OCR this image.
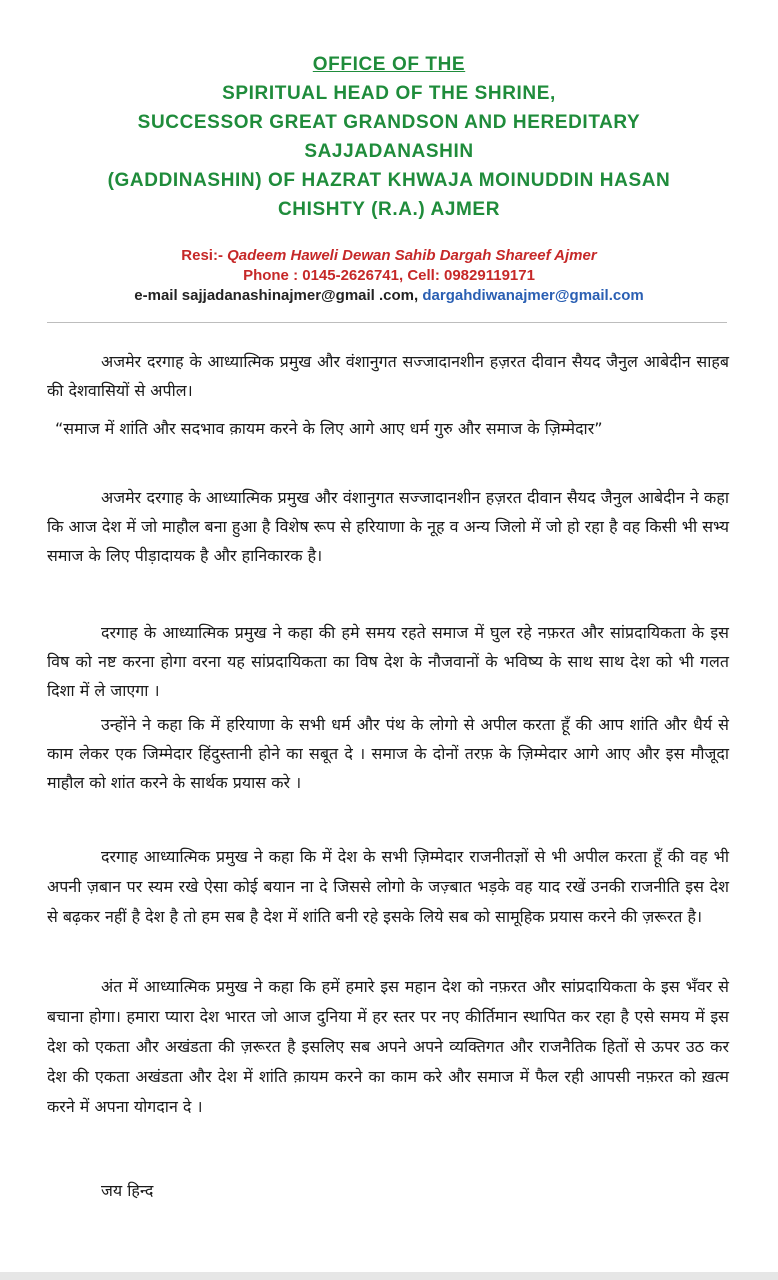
OFFICE OF THE

SPIRITUAL HEAD OF THE SHRINE,

SUCCESSOR GREAT GRANDSON AND HEREDITARY

SAJJADANASHIN

(GADDINASHIN) OF HAZRAT KHWAJA MOINUDDIN HASAN

CHISHTY (R.A.) AJMER

Resi:- Qadeem Haweli Dewan Sahib Dargah Shareef Ajmer
Phone : 0145-2626741, Cell: 09829119171
e-mail sajjadanashinajmer@gmail .com, dargahdiwanajmer@gmail.com

अजमेर दरगाह के आध्यात्मिक प्रमुख और वंशानुगत सज्जादानशीन हज़रत दीवान सैयद जैनुल आबेदीन साहब की देशवासियों से अपील।

“समाज में शांति और सदभाव क़ायम करने के लिए आगे आए धर्म गुरु और समाज के ज़िम्मेदार”

अजमेर दरगाह के आध्यात्मिक प्रमुख और वंशानुगत सज्जादानशीन हज़रत दीवान सैयद जैनुल आबेदीन ने कहा कि आज देश में जो माहौल बना हुआ है विशेष रूप से हरियाणा के नूह व अन्य जिलो में जो हो रहा है वह किसी भी सभ्य समाज के लिए पीड़ादायक है और हानिकारक है।

दरगाह के आध्यात्मिक प्रमुख ने कहा की हमे समय रहते समाज में घुल रहे नफ़रत और सांप्रदायिकता के इस विष को नष्ट करना होगा वरना यह सांप्रदायिकता का विष देश के नौजवानों के भविष्य के साथ साथ देश को भी गलत दिशा में ले जाएगा ।

उन्होंने ने कहा कि में हरियाणा के सभी धर्म और पंथ के लोगो से अपील करता हूँ की आप शांति और धैर्य से काम लेकर एक जिम्मेदार हिंदुस्तानी होने का सबूत दे । समाज के दोनों तरफ़ के ज़िम्मेदार आगे आए और इस मौजूदा माहौल को शांत करने के सार्थक प्रयास करे ।

दरगाह आध्यात्मिक प्रमुख ने कहा कि में देश के सभी ज़िम्मेदार राजनीतज्ञों से भी अपील करता हूँ की वह भी अपनी ज़बान पर स्यम रखे ऐसा कोई बयान ना दे जिससे लोगो के जज़्बात भड़के वह याद रखें उनकी राजनीति इस देश से बढ़कर नहीं है देश है तो हम सब है देश में शांति बनी रहे इसके लिये सब को सामूहिक प्रयास करने की ज़रूरत है।

अंत में आध्यात्मिक प्रमुख ने कहा कि हमें हमारे इस महान देश को नफ़रत और सांप्रदायिकता के इस भँवर से बचाना होगा। हमारा प्यारा देश भारत जो आज दुनिया में हर स्तर पर नए कीर्तिमान स्थापित कर रहा है एसे समय में इस देश को एकता और अखंडता की ज़रूरत है इसलिए सब अपने अपने व्यक्तिगत और राजनैतिक हितों से ऊपर उठ कर देश की एकता अखंडता और देश में शांति क़ायम करने का काम करे और समाज में फैल रही आपसी नफ़रत को ख़त्म करने में अपना योगदान दे ।

जय हिन्द
